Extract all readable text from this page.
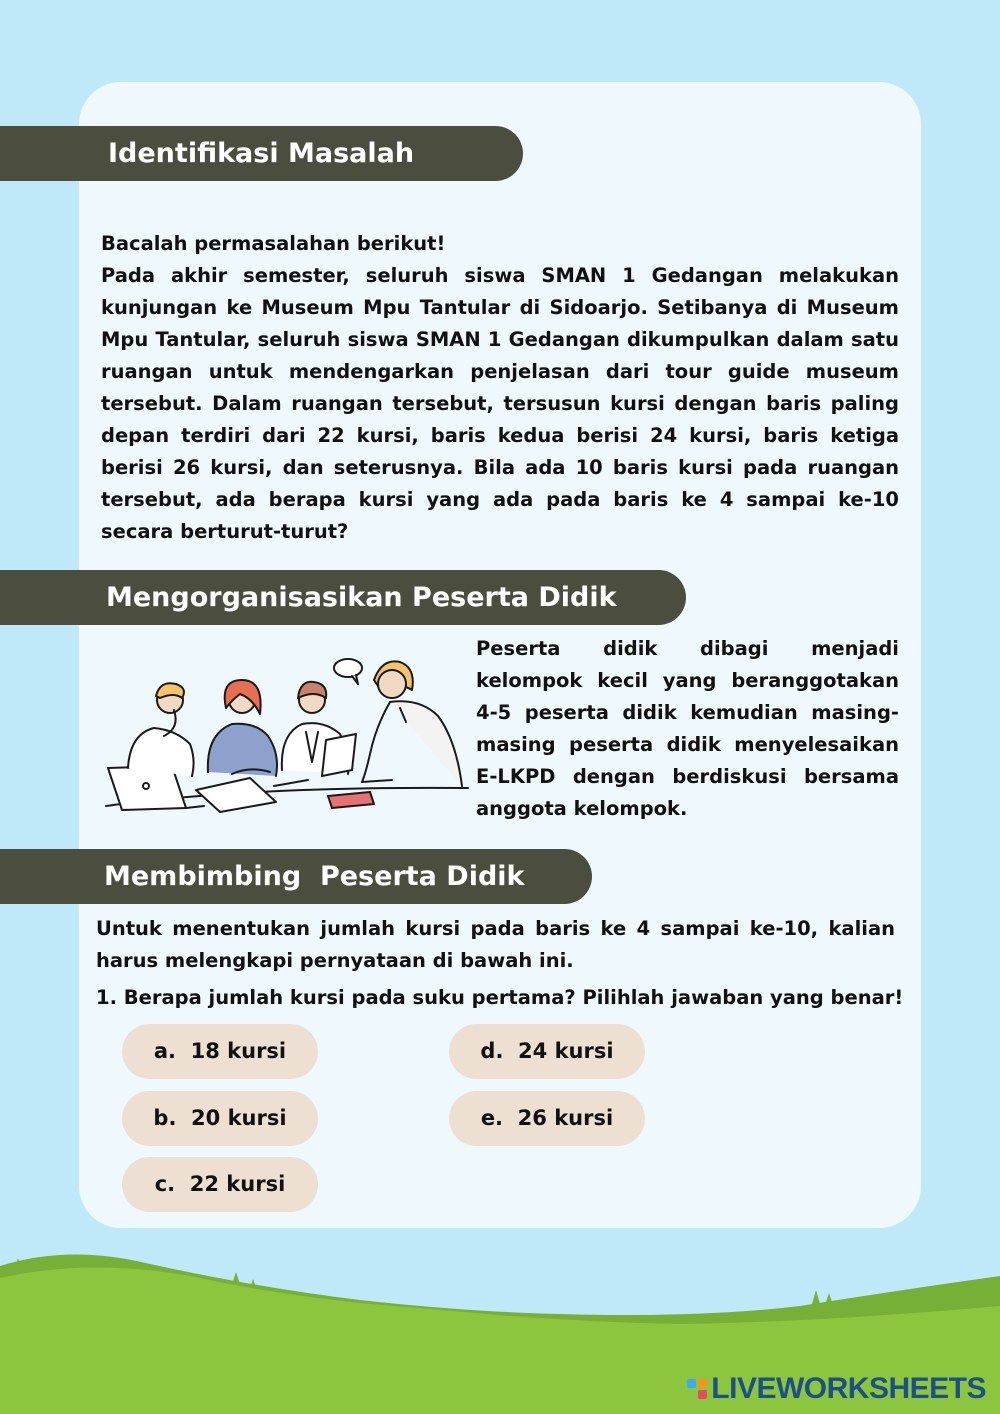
Identifikasi Masalah
Bacalah permasalahan berikut!
Pada akhir semester, seluruh siswa SMAN 1 Gedangan melakukan
kunjungan ke Museum Mpu Tantular di Sidoarjo. Setibanya di Museum
Mpu Tantular, seluruh siswa SMAN 1 Gedangan dikumpulkan dalam satu
ruangan untuk mendengarkan penjelasan dari tour guide museum
tersebut. Dalam ruangan tersebut, tersusun kursi dengan baris paling
depan terdiri dari 22 kursi, baris kedua berisi 24 kursi, baris ketiga
berisi 26 kursi, dan seterusnya. Bila ada 10 baris kursi pada ruangan
tersebut, ada berapa kursi yang ada pada baris ke 4 sampai ke-10
secara berturut-turut?
Mengorganisasikan Peserta Didik
Peserta didik dibagi menjadi
kelompok kecil yang beranggotakan
4-5 peserta didik kemudian masing-
masing peserta didik menyelesaikan
E-LKPD dengan berdiskusi bersama
anggota kelompok.
Membimbing  Peserta Didik
Untuk menentukan jumlah kursi pada baris ke 4 sampai ke-10, kalian
harus melengkapi pernyataan di bawah ini.
1. Berapa jumlah kursi pada suku pertama? Pilihlah jawaban yang benar!
a.  18 kursi
b.  20 kursi
c.  22 kursi
d.  24 kursi
e.  26 kursi
LIVEWORKSHEETS
